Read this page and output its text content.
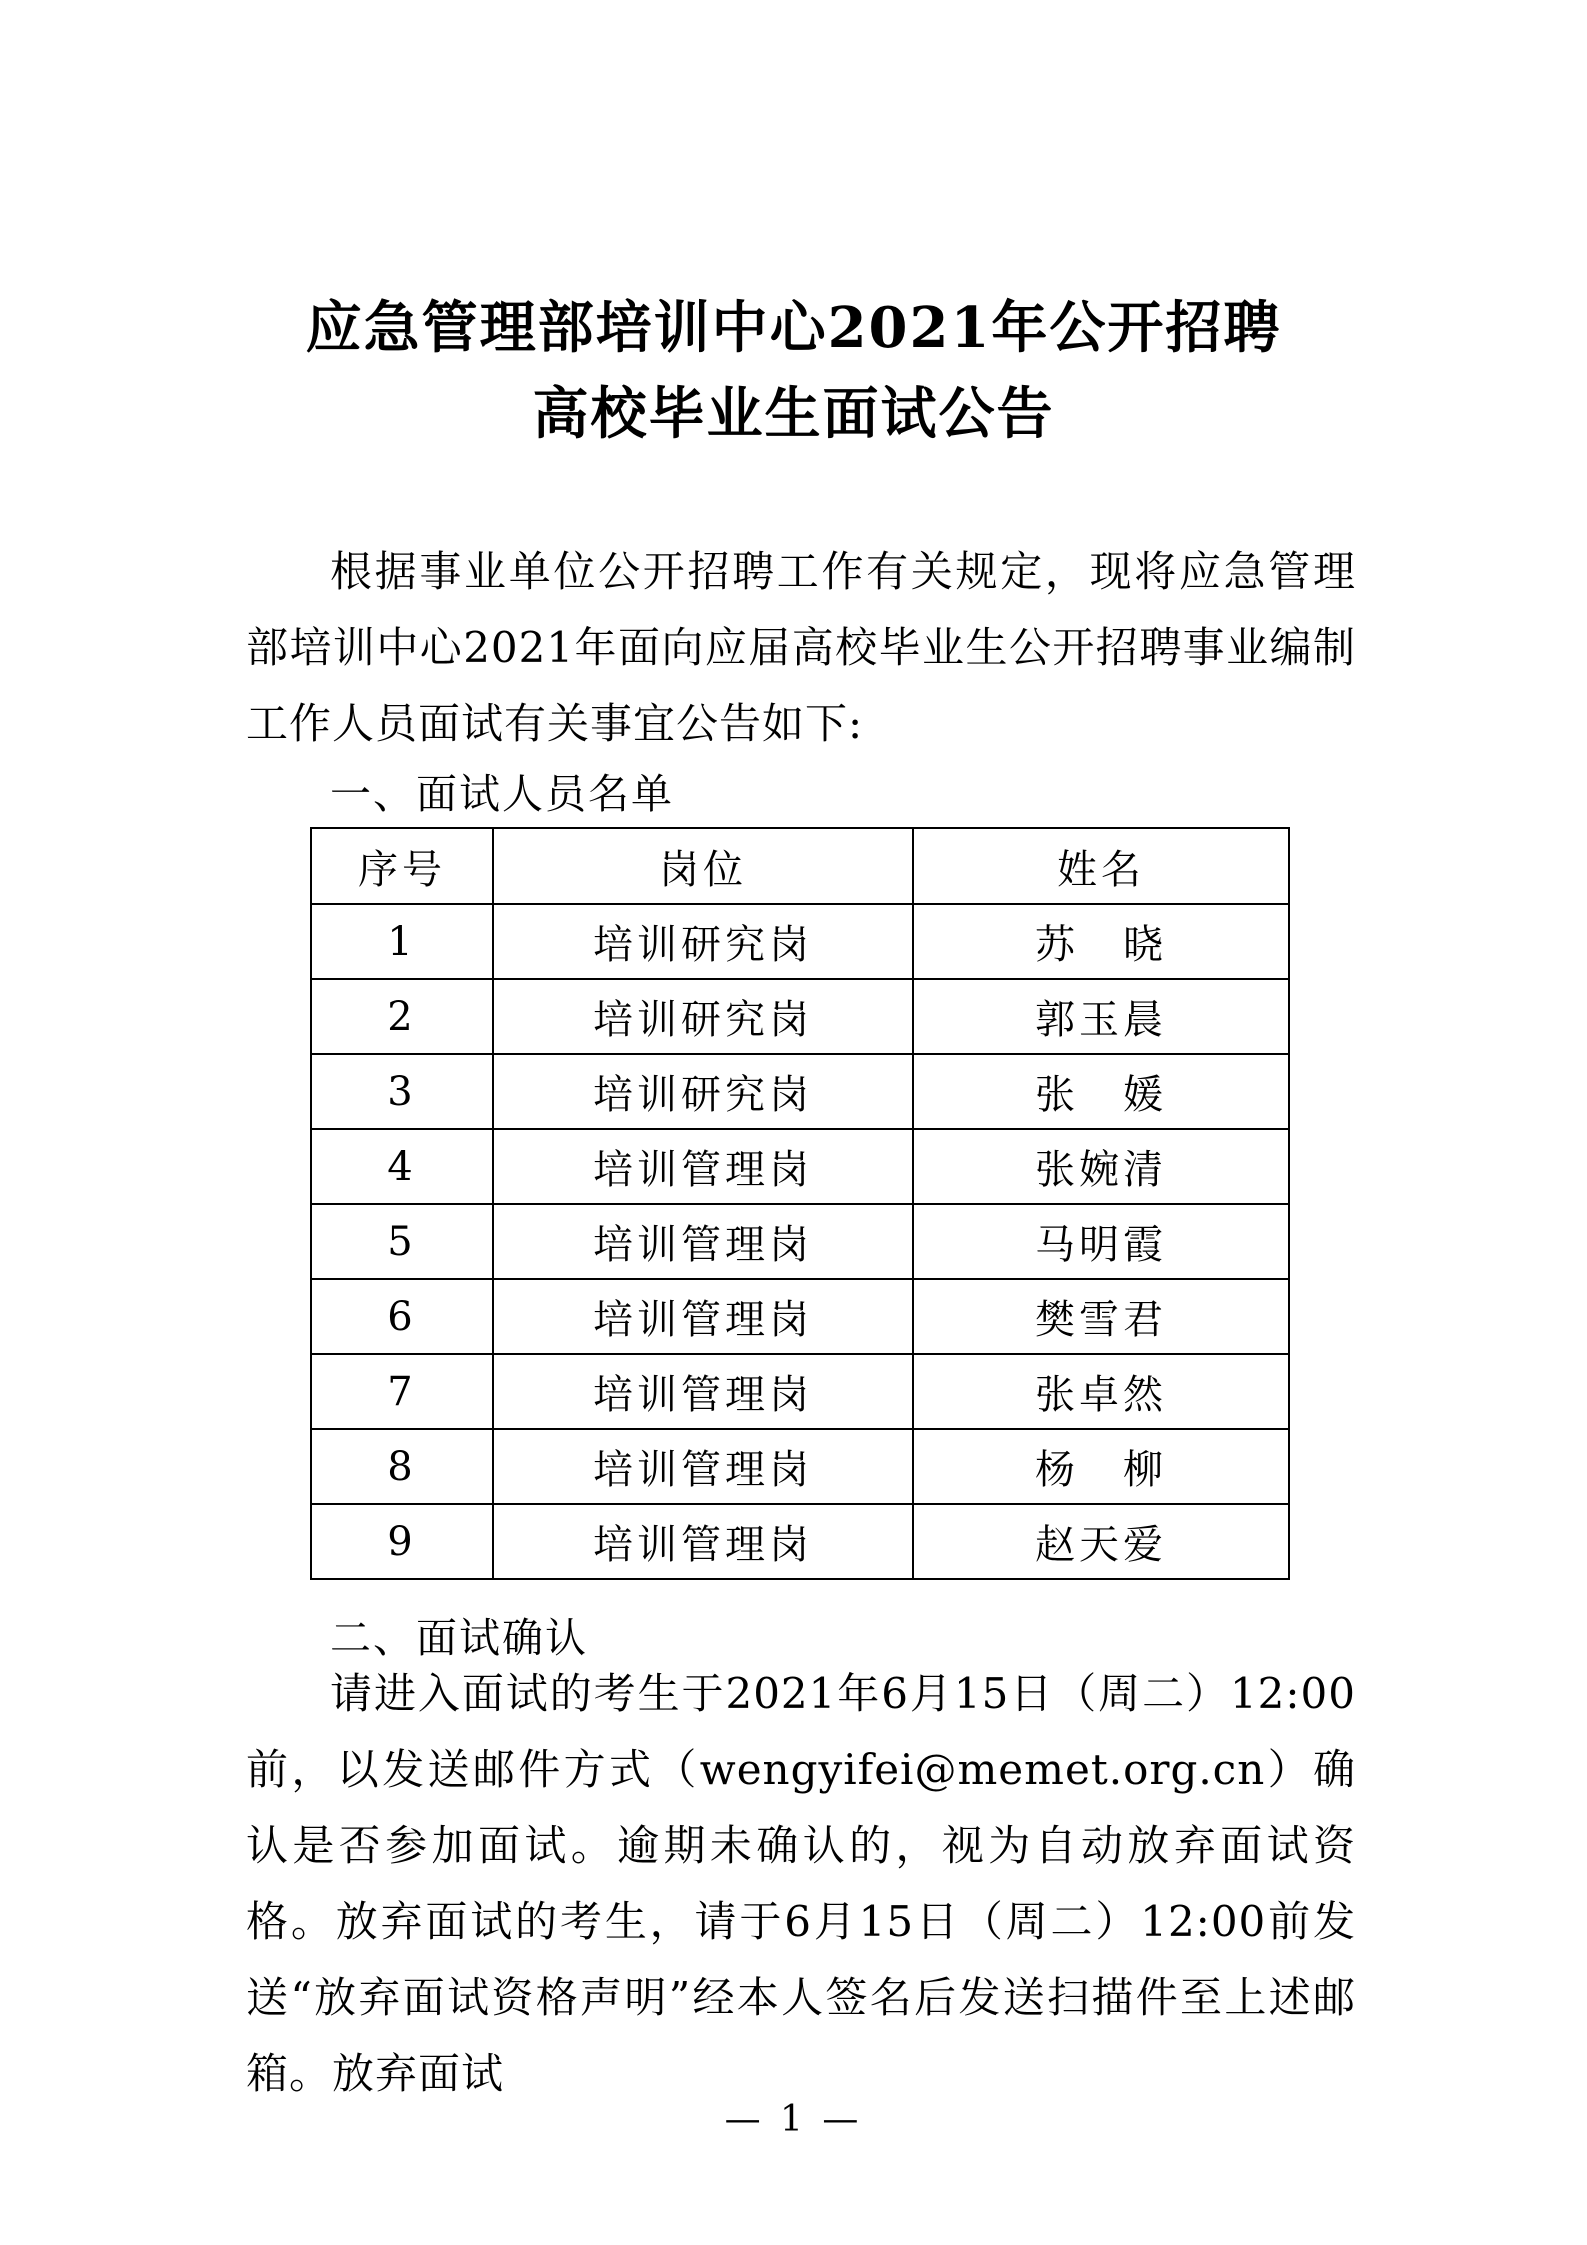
应急管理部培训中心2021年公开招聘
高校毕业生面试公告
根据事业单位公开招聘工作有关规定，现将应急管理部培训中心2021年面向应届高校毕业生公开招聘事业编制工作人员面试有关事宜公告如下:
一、面试人员名单
序号	岗位	姓名
1	培训研究岗	苏　晓
2	培训研究岗	郭玉晨
3	培训研究岗	张　媛
4	培训管理岗	张婉清
5	培训管理岗	马明霞
6	培训管理岗	樊雪君
7	培训管理岗	张卓然
8	培训管理岗	杨　柳
9	培训管理岗	赵天爱
二、面试确认
请进入面试的考生于2021年6月15日（周二）12:00前，以发送邮件方式（wengyifei@memet.org.cn）确认是否参加面试。逾期未确认的，视为自动放弃面试资格。放弃面试的考生，请于6月15日（周二）12:00前发送“放弃面试资格声明”经本人签名后发送扫描件至上述邮箱。放弃面试
— 1 —
